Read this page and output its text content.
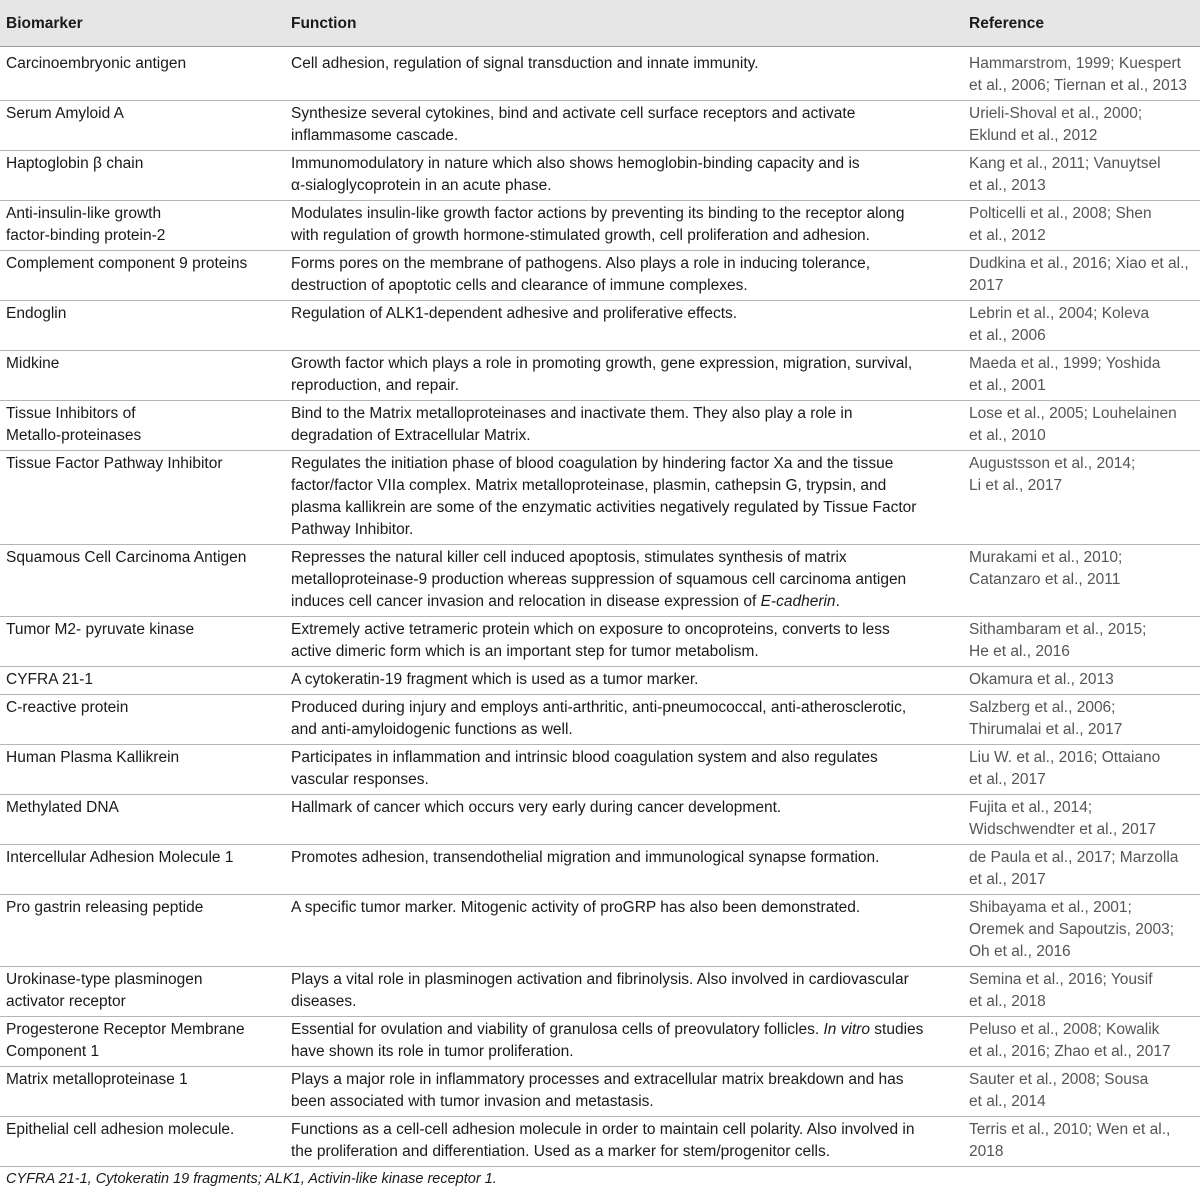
Biomarker	Function	Reference

Carcinoembryonic antigen	Cell adhesion, regulation of signal transduction and innate immunity.	Hammarstrom, 1999; Kuespert
et al., 2006; Tiernan et al., 2013

Serum Amyloid A	Synthesize several cytokines, bind and activate cell surface receptors and activate
inflammasome cascade.	Urieli-Shoval et al., 2000;
Eklund et al., 2012

Haptoglobin β chain	Immunomodulatory in nature which also shows hemoglobin-binding capacity and is
α-sialoglycoprotein in an acute phase.	Kang et al., 2011; Vanuytsel
et al., 2013

Anti-insulin-like growth
factor-binding protein-2	Modulates insulin-like growth factor actions by preventing its binding to the receptor along
with regulation of growth hormone-stimulated growth, cell proliferation and adhesion.	Polticelli et al., 2008; Shen
et al., 2012

Complement component 9 proteins	Forms pores on the membrane of pathogens. Also plays a role in inducing tolerance,
destruction of apoptotic cells and clearance of immune complexes.	Dudkina et al., 2016; Xiao et al.,
2017

Endoglin	Regulation of ALK1-dependent adhesive and proliferative effects.	Lebrin et al., 2004; Koleva
et al., 2006

Midkine	Growth factor which plays a role in promoting growth, gene expression, migration, survival,
reproduction, and repair.	Maeda et al., 1999; Yoshida
et al., 2001

Tissue Inhibitors of
Metallo-proteinases	Bind to the Matrix metalloproteinases and inactivate them. They also play a role in
degradation of Extracellular Matrix.	Lose et al., 2005; Louhelainen
et al., 2010

Tissue Factor Pathway Inhibitor	Regulates the initiation phase of blood coagulation by hindering factor Xa and the tissue
factor/factor VIIa complex. Matrix metalloproteinase, plasmin, cathepsin G, trypsin, and
plasma kallikrein are some of the enzymatic activities negatively regulated by Tissue Factor
Pathway Inhibitor.	Augustsson et al., 2014;
Li et al., 2017

Squamous Cell Carcinoma Antigen	Represses the natural killer cell induced apoptosis, stimulates synthesis of matrix
metalloproteinase-9 production whereas suppression of squamous cell carcinoma antigen
induces cell cancer invasion and relocation in disease expression of E-cadherin.	Murakami et al., 2010;
Catanzaro et al., 2011

Tumor M2- pyruvate kinase	Extremely active tetrameric protein which on exposure to oncoproteins, converts to less
active dimeric form which is an important step for tumor metabolism.	Sithambaram et al., 2015;
He et al., 2016

CYFRA 21-1	A cytokeratin-19 fragment which is used as a tumor marker.	Okamura et al., 2013

C-reactive protein	Produced during injury and employs anti-arthritic, anti-pneumococcal, anti-atherosclerotic,
and anti-amyloidogenic functions as well.	Salzberg et al., 2006;
Thirumalai et al., 2017

Human Plasma Kallikrein	Participates in inflammation and intrinsic blood coagulation system and also regulates
vascular responses.	Liu W. et al., 2016; Ottaiano
et al., 2017

Methylated DNA	Hallmark of cancer which occurs very early during cancer development.	Fujita et al., 2014;
Widschwendter et al., 2017

Intercellular Adhesion Molecule 1	Promotes adhesion, transendothelial migration and immunological synapse formation.	de Paula et al., 2017; Marzolla
et al., 2017

Pro gastrin releasing peptide	A specific tumor marker. Mitogenic activity of proGRP has also been demonstrated.	Shibayama et al., 2001;
Oremek and Sapoutzis, 2003;
Oh et al., 2016

Urokinase-type plasminogen
activator receptor	Plays a vital role in plasminogen activation and fibrinolysis. Also involved in cardiovascular
diseases.	Semina et al., 2016; Yousif
et al., 2018

Progesterone Receptor Membrane
Component 1	Essential for ovulation and viability of granulosa cells of preovulatory follicles. In vitro studies
have shown its role in tumor proliferation.	Peluso et al., 2008; Kowalik
et al., 2016; Zhao et al., 2017

Matrix metalloproteinase 1	Plays a major role in inflammatory processes and extracellular matrix breakdown and has
been associated with tumor invasion and metastasis.	Sauter et al., 2008; Sousa
et al., 2014

Epithelial cell adhesion molecule.	Functions as a cell-cell adhesion molecule in order to maintain cell polarity. Also involved in
the proliferation and differentiation. Used as a marker for stem/progenitor cells.	Terris et al., 2010; Wen et al.,
2018
CYFRA 21-1, Cytokeratin 19 fragments; ALK1, Activin-like kinase receptor 1.
